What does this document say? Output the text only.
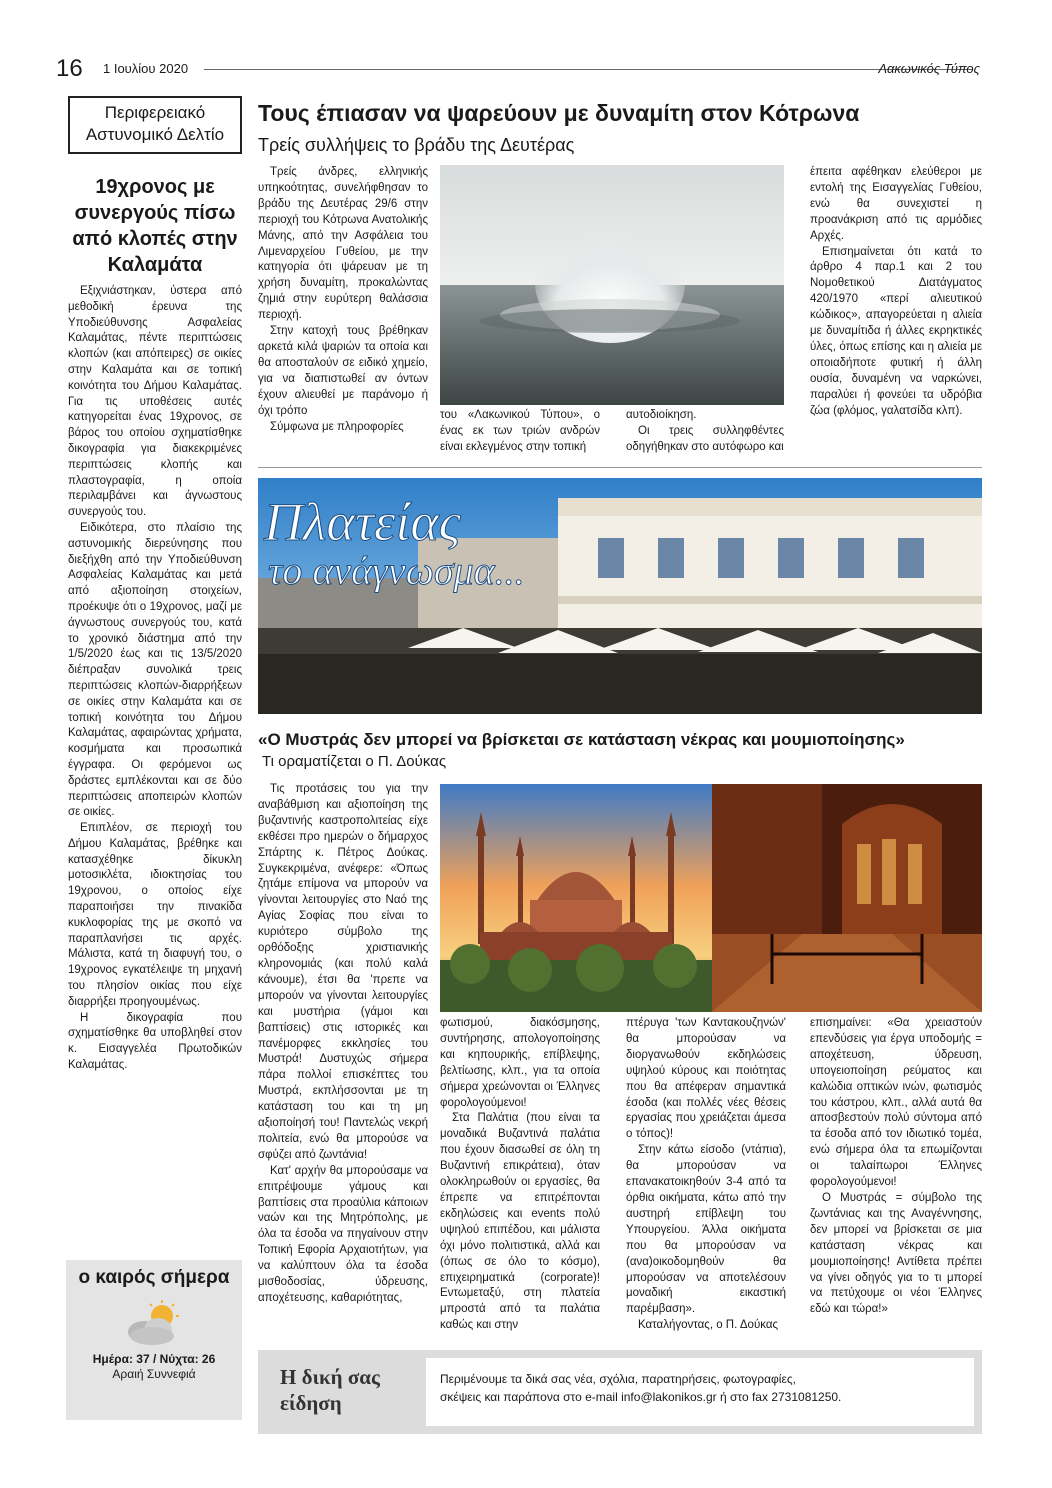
16 1 Ιουλίου 2020	Λακωνικός Τύπος
Περιφερειακό Αστυνομικό Δελτίο
19χρονος με συνεργούς πίσω από κλοπές στην Καλαμάτα

Εξιχνιάστηκαν, ύστερα από μεθοδική έρευνα της Υποδιεύθυνσης Ασφαλείας Καλαμάτας, πέντε περιπτώσεις κλοπών (και απόπειρες) σε οικίες στην Καλαμάτα και σε τοπική κοινότητα του Δήμου Καλαμάτας. Για τις υποθέσεις αυτές κατηγορείται ένας 19χρονος, σε βάρος του οποίου σχηματίσθηκε δικογραφία για διακεκριμένες περιπτώσεις κλοπής και πλαστογραφία, η οποία περιλαμβάνει και άγνωστους συνεργούς του.

Ειδικότερα, στο πλαίσιο της αστυνομικής διερεύνησης που διεξήχθη από την Υποδιεύθυνση Ασφαλείας Καλαμάτας και μετά από αξιοποίηση στοιχείων, προέκυψε ότι ο 19χρονος, μαζί με άγνωστους συνεργούς του, κατά το χρονικό διάστημα από την 1/5/2020 έως και τις 13/5/2020 διέπραξαν συνολικά τρεις περιπτώσεις κλοπών-διαρρήξεων σε οικίες στην Καλαμάτα και σε τοπική κοινότητα του Δήμου Καλαμάτας, αφαιρώντας χρήματα, κοσμήματα και προσωπικά έγγραφα. Οι φερόμενοι ως δράστες εμπλέκονται και σε δύο περιπτώσεις αποπειρών κλοπών σε οικίες.

Επιπλέον, σε περιοχή του Δήμου Καλαμάτας, βρέθηκε και κατασχέθηκε δίκυκλη μοτοσικλέτα, ιδιοκτησίας του 19χρονου, ο οποίος είχε παραποιήσει την πινακίδα κυκλοφορίας της με σκοπό να παραπλανήσει τις αρχές. Μάλιστα, κατά τη διαφυγή του, ο 19χρονος εγκατέλειψε τη μηχανή του πλησίον οικίας που είχε διαρρήξει προηγουμένως.

Η δικογραφία που σχηματίσθηκε θα υποβληθεί στον κ. Εισαγγελέα Πρωτοδικών Καλαμάτας.

ο καιρός σήμερα
Ημέρα: 37 / Νύχτα: 26
Αραιή Συννεφιά
Τους έπιασαν να ψαρεύουν με δυναμίτη στον Κότρωνα
Τρείς συλλήψεις το βράδυ της Δευτέρας

Τρείς άνδρες, ελληνικής υπηκοότητας, συνελήφθησαν το βράδυ της Δευτέρας 29/6 στην περιοχή του Κότρωνα Ανατολικής Μάνης, από την Ασφάλεια του Λιμεναρχείου Γυθείου, με την κατηγορία ότι ψάρευαν με τη χρήση δυναμίτη, προκαλώντας ζημιά στην ευρύτερη θαλάσσια περιοχή.

Στην κατοχή τους βρέθηκαν αρκετά κιλά ψαριών τα οποία και θα αποσταλούν σε ειδικό χημείο, για να διαπιστωθεί αν όντων έχουν αλιευθεί με παράνομο ή όχι τρόπο

Σύμφωνα με πληροφορίες

του «Λακωνικού Τύπου», ο ένας εκ των τριών ανδρών είναι εκλεγμένος στην τοπική

αυτοδιοίκηση.

Οι τρεις συλληφθέντες οδηγήθηκαν στο αυτόφωρο και

έπειτα αφέθηκαν ελεύθεροι με εντολή της Εισαγγελίας Γυθείου, ενώ θα συνεχιστεί η προανάκριση από τις αρμόδιες Αρχές.

Επισημαίνεται ότι κατά το άρθρο 4 παρ.1 και 2 του Νομοθετικού Διατάγματος 420/1970 «περί αλιευτικού κώδικος», απαγορεύεται η αλιεία με δυναμίτιδα ή άλλες εκρηκτικές ύλες, όπως επίσης και η αλιεία με οποιαδήποτε φυτική ή άλλη ουσία, δυναμένη να ναρκώνει, παραλύει ή φονεύει τα υδρόβια ζώα (φλόμος, γαλατσίδα κλπ).

Πλατείας
το ανάγνωσμα...
«Ο Μυστράς δεν μπορεί να βρίσκεται σε κατάσταση νέκρας και μουμιοποίησης»
Τι οραματίζεται ο Π. Δούκας

Τις προτάσεις του για την αναβάθμιση και αξιοποίηση της βυζαντινής καστροπολιτείας είχε εκθέσει προ ημερών ο δήμαρχος Σπάρτης κ. Πέτρος Δούκας. Συγκεκριμένα, ανέφερε: «Όπως ζητάμε επίμονα να μπορούν να γίνονται λειτουργίες στο Ναό της Αγίας Σοφίας που είναι το κυριότερο σύμβολο της ορθόδοξης χριστιανικής κληρονομιάς (και πολύ καλά κάνουμε), έτσι θα 'πρεπε να μπορούν να γίνονται λειτουργίες και μυστήρια (γάμοι και βαπτίσεις) στις ιστορικές και πανέμορφες εκκλησίες του Μυστρά! Δυστυχώς σήμερα πάρα πολλοί επισκέπτες του Μυστρά, εκπλήσσονται με τη κατάσταση του και τη μη αξιοποίησή του! Παντελώς νεκρή πολιτεία, ενώ θα μπορούσε να σφύζει από ζωντάνια!

Κατ' αρχήν θα μπορούσαμε να επιτρέψουμε γάμους και βαπτίσεις στα προαύλια κάποιων ναών και της Μητρόπολης, με όλα τα έσοδα να πηγαίνουν στην Τοπική Εφορία Αρχαιοτήτων, για να καλύπτουν όλα τα έσοδα μισθοδοσίας, ύδρευσης, αποχέτευσης, καθαριότητας,

φωτισμού, διακόσμησης, συντήρησης, απολογοποίησης και κηπουρικής, επίβλεψης, βελτίωσης, κλπ., για τα οποία σήμερα χρεώνονται οι Έλληνες φορολογούμενοι!

Στα Παλάτια (που είναι τα μοναδικά Βυζαντινά παλάτια που έχουν διασωθεί σε όλη τη Βυζαντινή επικράτεια), όταν ολοκληρωθούν οι εργασίες, θα έπρεπε να επιτρέπονται εκδηλώσεις και events πολύ υψηλού επιπέδου, και μάλιστα όχι μόνο πολιτιστικά, αλλά και (όπως σε όλο το κόσμο), επιχειρηματικά (corporate)! Εντωμεταξύ, στη πλατεία μπροστά από τα παλάτια καθώς και στην

πτέρυγα 'των Καντακουζηνών' θα μπορούσαν να διοργανωθούν εκδηλώσεις υψηλού κύρους και ποιότητας που θα απέφεραν σημαντικά έσοδα (και πολλές νέες θέσεις εργασίας που χρειάζεται άμεσα ο τόπος)!

Στην κάτω είσοδο (ντάπια), θα μπορούσαν να επανακατοικηθούν 3-4 από τα όρθια οικήματα, κάτω από την αυστηρή επίβλεψη του Υπουργείου. Άλλα οικήματα που θα μπορούσαν να (ανα)οικοδομηθούν θα μπορούσαν να αποτελέσουν μοναδική εικαστική παρέμβαση».

Καταλήγοντας, ο Π. Δούκας

επισημαίνει: «Θα χρειαστούν επενδύσεις για έργα υποδομής = αποχέτευση, ύδρευση, υπογειοποίηση ρεύματος και καλώδια οπτικών ινών, φωτισμός του κάστρου, κλπ., αλλά αυτά θα αποσβεστούν πολύ σύντομα από τα έσοδα από τον ιδιωτικό τομέα, ενώ σήμερα όλα τα επωμίζονται οι ταλαίπωροι Έλληνες φορολογούμενοι!

Ο Μυστράς = σύμβολο της ζωντάνιας και της Αναγέννησης, δεν μπορεί να βρίσκεται σε μια κατάσταση νέκρας και μουμιοποίησης! Αντίθετα πρέπει να γίνει οδηγός για το τι μπορεί να πετύχουμε οι νέοι Έλληνες εδώ και τώρα!»

Η δική σας
είδηση
Περιμένουμε τα δικά σας νέα, σχόλια, παρατηρήσεις, φωτογραφίες,
σκέψεις και παράπονα στο e-mail info@lakonikos.gr ή στο fax 2731081250.
